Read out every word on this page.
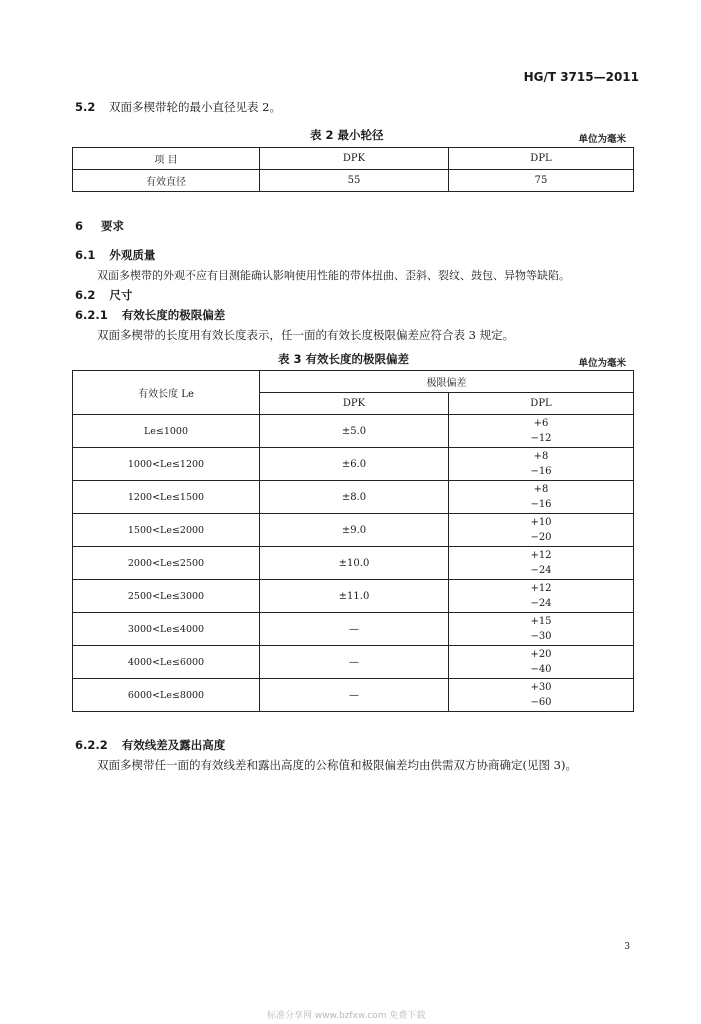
HG/T 3715—2011
5.2 双面多楔带轮的最小直径见表 2。
表 2 最小轮径	单位为毫米
项 目	DPK	DPL
有效直径	55	75
6 要求
6.1 外观质量
双面多楔带的外观不应有目测能确认影响使用性能的带体扭曲、歪斜、裂纹、鼓包、异物等缺陷。
6.2 尺寸
6.2.1 有效长度的极限偏差
双面多楔带的长度用有效长度表示，任一面的有效长度极限偏差应符合表 3 规定。
表 3 有效长度的极限偏差	单位为毫米
有效长度 Le	极限偏差	
	DPK	DPL
Le≤1000	±5.0	+6
−12

1000<Le≤1200	±6.0	+8
−16

1200<Le≤1500	±8.0	+8
−16

1500<Le≤2000	±9.0	+10
−20

2000<Le≤2500	±10.0	+12
−24

2500<Le≤3000	±11.0	+12
−24

3000<Le≤4000	—	+15
−30

4000<Le≤6000	—	+20
−40

6000<Le≤8000	—	+30
−60
6.2.2 有效线差及露出高度
双面多楔带任一面的有效线差和露出高度的公称值和极限偏差均由供需双方协商确定(见图 3)。
3
标准分享网 www.bzfxw.com 免费下载
